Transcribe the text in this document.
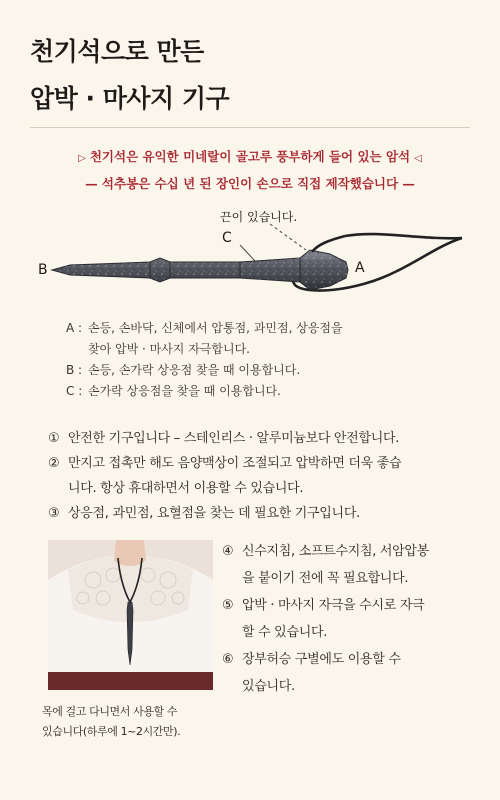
천기석으로 만든
압박 · 마사지 기구
▷ 천기석은 유익한 미네랄이 골고루 풍부하게 들어 있는 암석 ◁
— 석추봉은 수십 년 된 장인이 손으로 직접 제작했습니다 —
끈이 있습니다.
C
B	A
A : 손등, 손바닥, 신체에서 압통점, 과민점, 상응점을
찾아 압박 · 마사지 자극합니다.
B : 손등, 손가락 상응점 찾을 때 이용합니다.
C : 손가락 상응점을 찾을 때 이용합니다.
① 안전한 기구입니다 – 스테인리스 · 알루미늄보다 안전합니다.
② 만지고 접촉만 해도 음양맥상이 조절되고 압박하면 더욱 좋습
니다. 항상 휴대하면서 이용할 수 있습니다.
③ 상응점, 과민점, 요혈점을 찾는 데 필요한 기구입니다.
목에 걸고 다니면서 사용할 수
있습니다(하루에 1~2시간만).
④ 신수지침, 소프트수지침, 서암압봉
을 붙이기 전에 꼭 필요합니다.
⑤ 압박 · 마사지 자극을 수시로 자극
할 수 있습니다.
⑥ 장부허승 구별에도 이용할 수
있습니다.
